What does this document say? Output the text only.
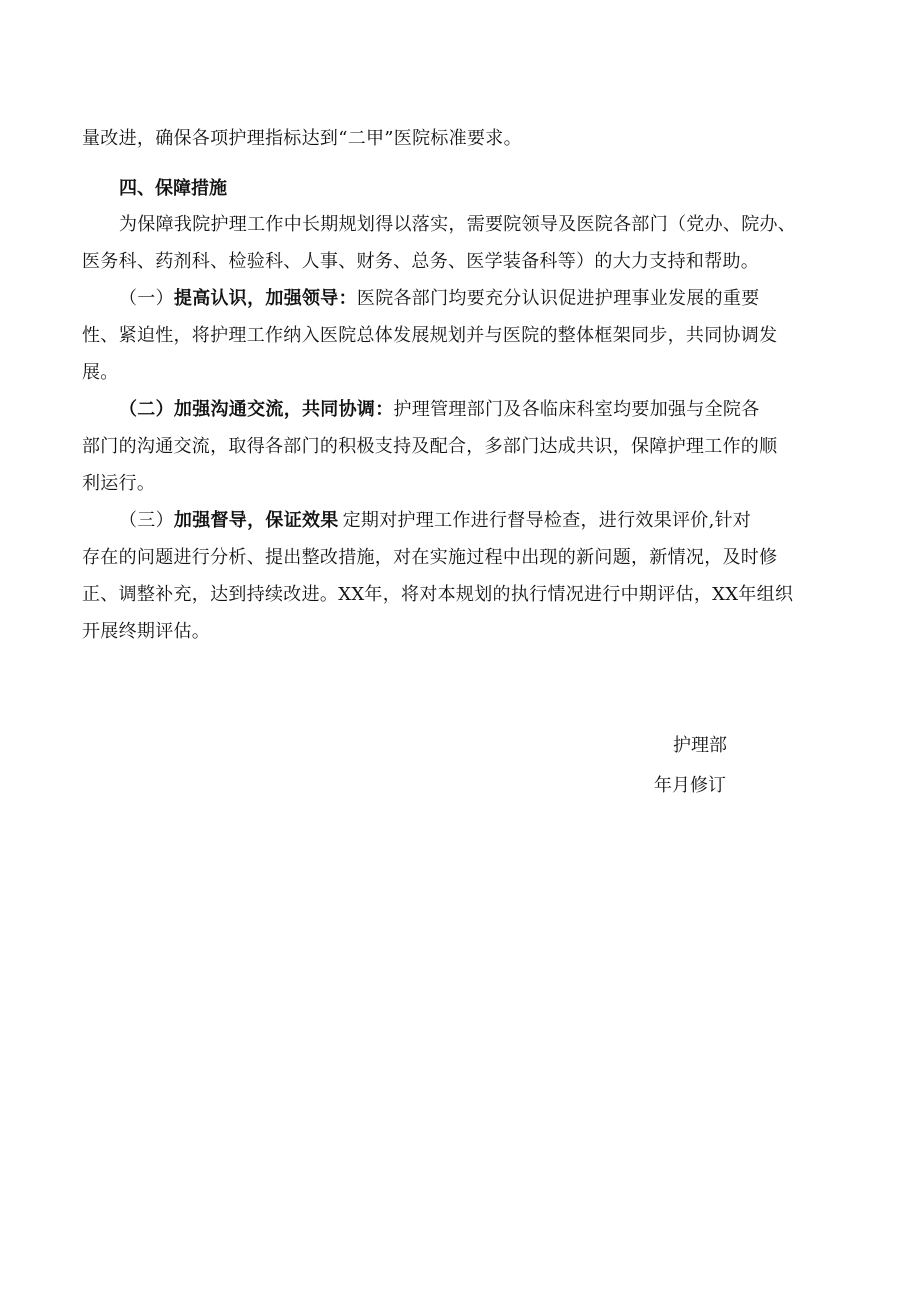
量改进，确保各项护理指标达到“二甲”医院标准要求。
四、保障措施
为保障我院护理工作中长期规划得以落实，需要院领导及医院各部门（党办、院办、
医务科、药剂科、检验科、人事、财务、总务、医学装备科等）的大力支持和帮助。
（一）提高认识，加强领导：医院各部门均要充分认识促进护理事业发展的重要
性、紧迫性，将护理工作纳入医院总体发展规划并与医院的整体框架同步，共同协调发
展。
（二）加强沟通交流，共同协调：护理管理部门及各临床科室均要加强与全院各
部门的沟通交流，取得各部门的积极支持及配合，多部门达成共识，保障护理工作的顺
利运行。
（三）加强督导，保证效果 定期对护理工作进行督导检查，进行效果评价,针对
存在的问题进行分析、提出整改措施，对在实施过程中出现的新问题，新情况，及时修
正、调整补充，达到持续改进。XX年，将对本规划的执行情况进行中期评估，XX年组织
开展终期评估。
护理部
年月修订
